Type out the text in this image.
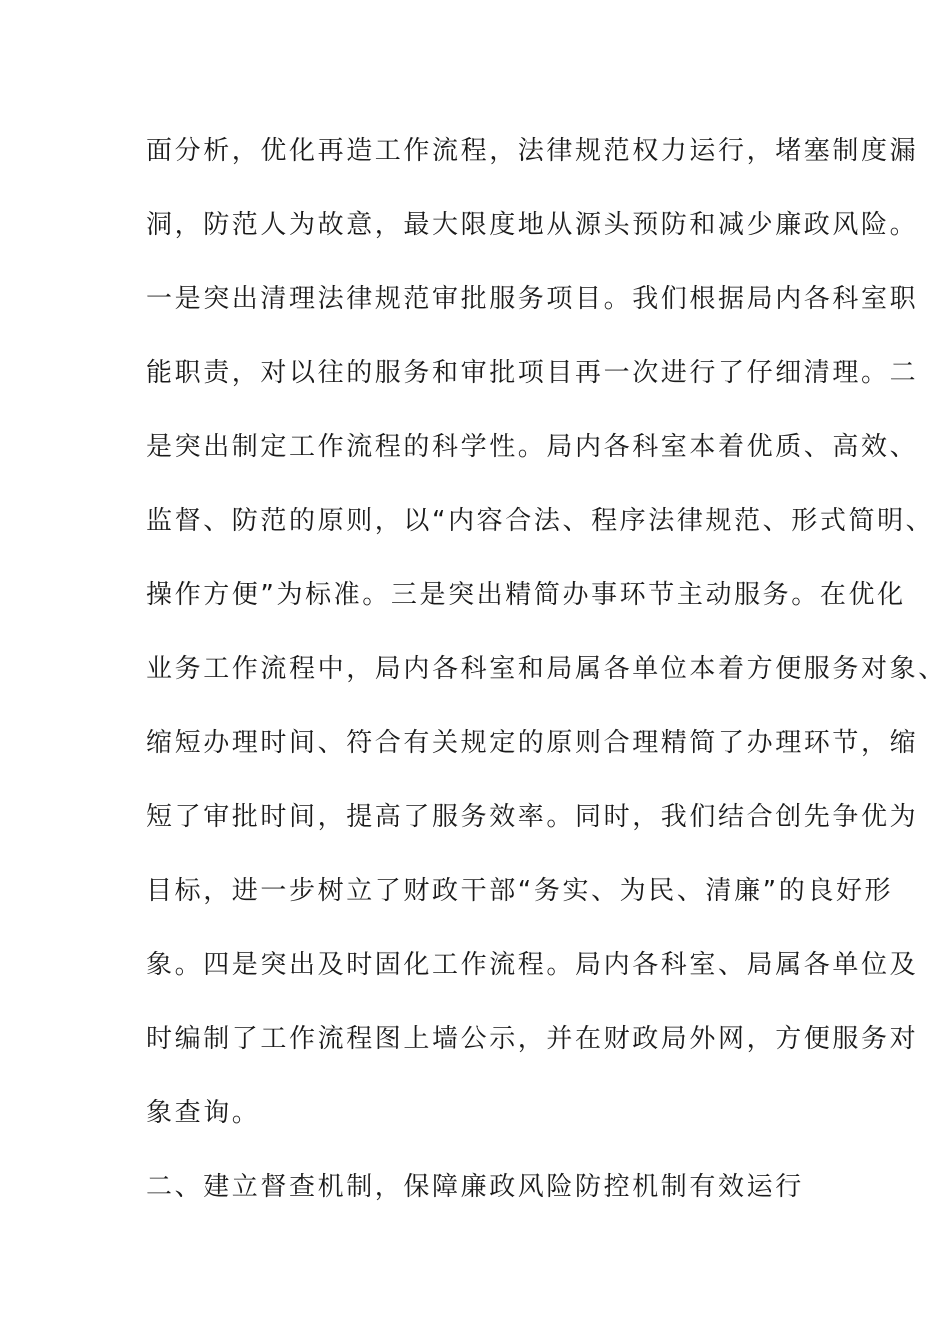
面分析，优化再造工作流程，法律规范权力运行，堵塞制度漏
洞，防范人为故意，最大限度地从源头预防和减少廉政风险。
一是突出清理法律规范审批服务项目。我们根据局内各科室职
能职责，对以往的服务和审批项目再一次进行了仔细清理。二
是突出制定工作流程的科学性。局内各科室本着优质、高效、
监督、防范的原则，以“内容合法、程序法律规范、形式简明、
操作方便”为标准。三是突出精简办事环节主动服务。在优化
业务工作流程中，局内各科室和局属各单位本着方便服务对象、
缩短办理时间、符合有关规定的原则合理精简了办理环节，缩
短了审批时间，提高了服务效率。同时，我们结合创先争优为
目标，进一步树立了财政干部“务实、为民、清廉”的良好形
象。四是突出及时固化工作流程。局内各科室、局属各单位及
时编制了工作流程图上墙公示，并在财政局外网，方便服务对
象查询。
二、建立督查机制，保障廉政风险防控机制有效运行
